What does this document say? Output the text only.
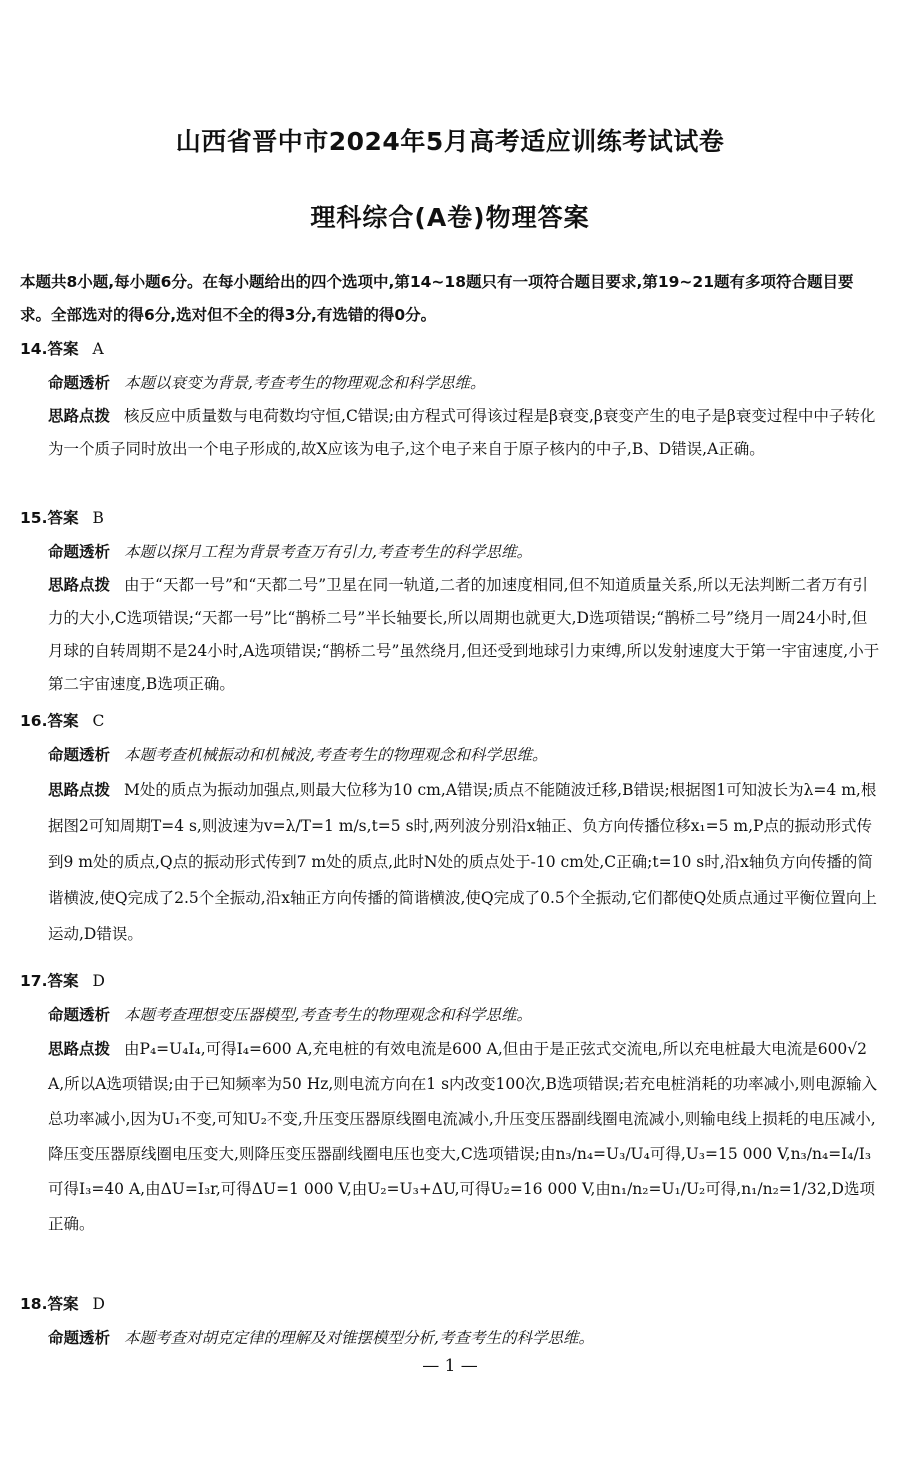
山西省晋中市2024年5月高考适应训练考试试卷
理科综合(A卷)物理答案
本题共8小题,每小题6分。在每小题给出的四个选项中,第14~18题只有一项符合题目要求,第19~21题有多项符合题目要求。全部选对的得6分,选对但不全的得3分,有选错的得0分。
14.答案 A
命题透析 本题以衰变为背景,考查考生的物理观念和科学思维。
思路点拨 核反应中质量数与电荷数均守恒,C错误;由方程式可得该过程是β衰变,β衰变产生的电子是β衰变过程中中子转化为一个质子同时放出一个电子形成的,故X应该为电子,这个电子来自于原子核内的中子,B、D错误,A正确。
15.答案 B
命题透析 本题以探月工程为背景考查万有引力,考查考生的科学思维。
思路点拨 由于“天都一号”和“天都二号”卫星在同一轨道,二者的加速度相同,但不知道质量关系,所以无法判断二者万有引力的大小,C选项错误;“天都一号”比“鹊桥二号”半长轴要长,所以周期也就更大,D选项错误;“鹊桥二号”绕月一周24小时,但月球的自转周期不是24小时,A选项错误;“鹊桥二号”虽然绕月,但还受到地球引力束缚,所以发射速度大于第一宇宙速度,小于第二宇宙速度,B选项正确。
16.答案 C
命题透析 本题考查机械振动和机械波,考查考生的物理观念和科学思维。
思路点拨 M处的质点为振动加强点,则最大位移为10 cm,A错误;质点不能随波迁移,B错误;根据图1可知波长为λ=4 m,根据图2可知周期T=4 s,则波速为v=λ/T=1 m/s,t=5 s时,两列波分别沿x轴正、负方向传播位移x₁=5 m,P点的振动形式传到9 m处的质点,Q点的振动形式传到7 m处的质点,此时N处的质点处于-10 cm处,C正确;t=10 s时,沿x轴负方向传播的简谐横波,使Q完成了2.5个全振动,沿x轴正方向传播的简谐横波,使Q完成了0.5个全振动,它们都使Q处质点通过平衡位置向上运动,D错误。
17.答案 D
命题透析 本题考查理想变压器模型,考查考生的物理观念和科学思维。
思路点拨 由P₄=U₄I₄,可得I₄=600 A,充电桩的有效电流是600 A,但由于是正弦式交流电,所以充电桩最大电流是600√2 A,所以A选项错误;由于已知频率为50 Hz,则电流方向在1 s内改变100次,B选项错误;若充电桩消耗的功率减小,则电源输入总功率减小,因为U₁不变,可知U₂不变,升压变压器原线圈电流减小,升压变压器副线圈电流减小,则输电线上损耗的电压减小,降压变压器原线圈电压变大,则降压变压器副线圈电压也变大,C选项错误;由n₃/n₄=U₃/U₄可得,U₃=15 000 V,n₃/n₄=I₄/I₃可得I₃=40 A,由ΔU=I₃r,可得ΔU=1 000 V,由U₂=U₃+ΔU,可得U₂=16 000 V,由n₁/n₂=U₁/U₂可得,n₁/n₂=1/32,D选项正确。
18.答案 D
命题透析 本题考查对胡克定律的理解及对锥摆模型分析,考查考生的科学思维。
— 1 —
